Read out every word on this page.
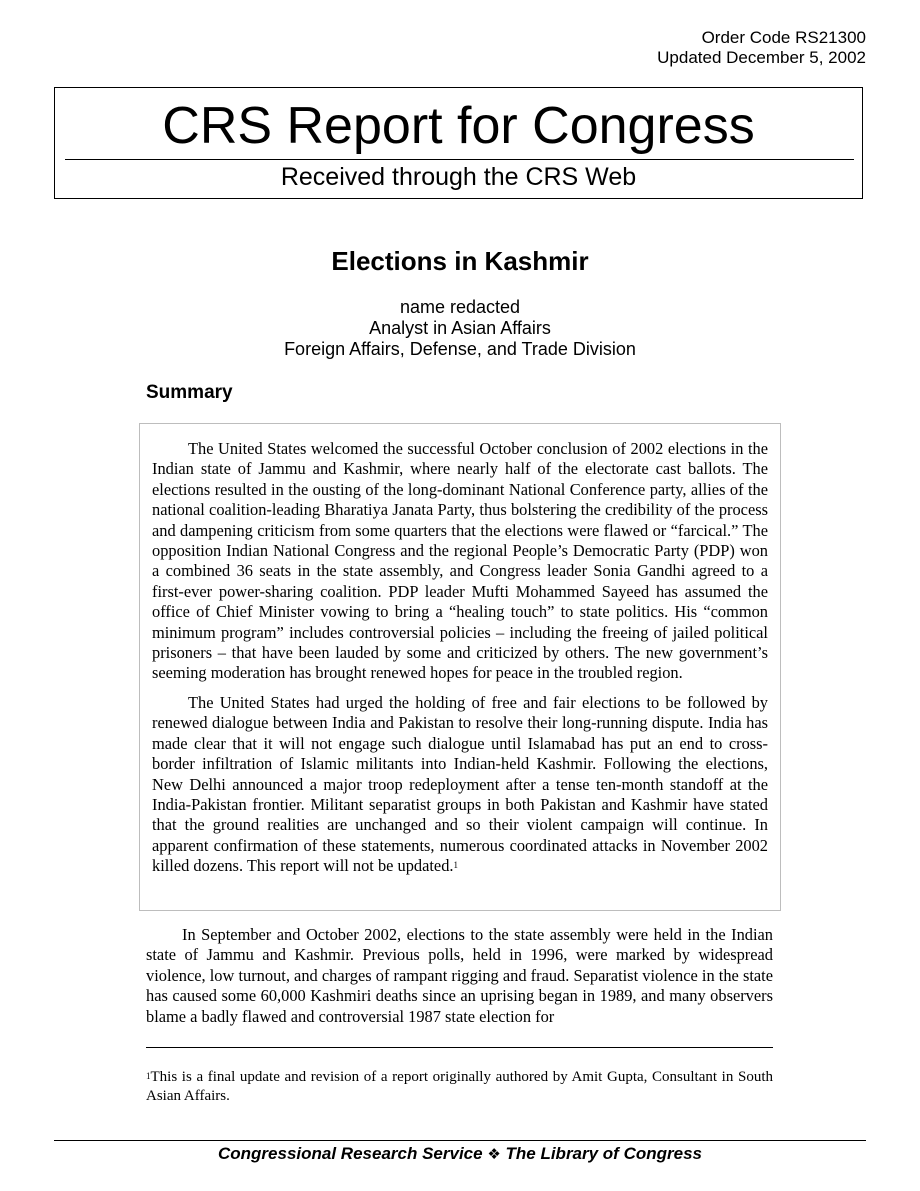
Order Code RS21300
Updated December 5, 2002
CRS Report for Congress
Received through the CRS Web
Elections in Kashmir
name redacted
Analyst in Asian Affairs
Foreign Affairs, Defense, and Trade Division
Summary

The United States welcomed the successful October conclusion of 2002 elections in the Indian state of Jammu and Kashmir, where nearly half of the electorate cast ballots. The elections resulted in the ousting of the long-dominant National Conference party, allies of the national coalition-leading Bharatiya Janata Party, thus bolstering the credibility of the process and dampening criticism from some quarters that the elections were flawed or “farcical.” The opposition Indian National Congress and the regional People’s Democratic Party (PDP) won a combined 36 seats in the state assembly, and Congress leader Sonia Gandhi agreed to a first-ever power-sharing coalition. PDP leader Mufti Mohammed Sayeed has assumed the office of Chief Minister vowing to bring a “healing touch” to state politics. His “common minimum program” includes controversial policies – including the freeing of jailed political prisoners – that have been lauded by some and criticized by others. The new government’s seeming moderation has brought renewed hopes for peace in the troubled region.

The United States had urged the holding of free and fair elections to be followed by renewed dialogue between India and Pakistan to resolve their long-running dispute. India has made clear that it will not engage such dialogue until Islamabad has put an end to cross-border infiltration of Islamic militants into Indian-held Kashmir. Following the elections, New Delhi announced a major troop redeployment after a tense ten-month standoff at the India-Pakistan frontier. Militant separatist groups in both Pakistan and Kashmir have stated that the ground realities are unchanged and so their violent campaign will continue. In apparent confirmation of these statements, numerous coordinated attacks in November 2002 killed dozens. This report will not be updated.$^1$

In September and October 2002, elections to the state assembly were held in the Indian state of Jammu and Kashmir. Previous polls, held in 1996, were marked by widespread violence, low turnout, and charges of rampant rigging and fraud. Separatist violence in the state has caused some 60,000 Kashmiri deaths since an uprising began in 1989, and many observers blame a badly flawed and controversial 1987 state election for

$^1$This is a final update and revision of a report originally authored by Amit Gupta, Consultant in South Asian Affairs.

Congressional Research Service ❖ The Library of Congress
